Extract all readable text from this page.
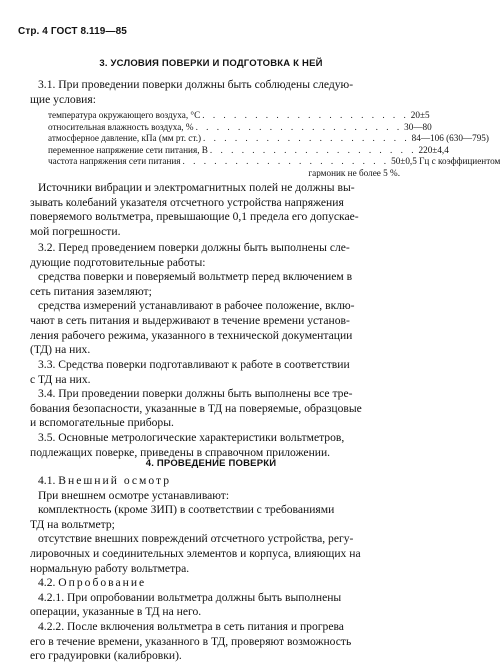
Стр. 4 ГОСТ 8.119—85
3. УСЛОВИЯ ПОВЕРКИ И ПОДГОТОВКА К НЕЙ
3.1. При проведении поверки должны быть соблюдены следую-
щие условия:
температура окружающего воздуха, °С . . . . . . . . . . . . . . . . . . . . 20±5
относительная влажность воздуха, % . . . . . . . . . . . . . . . . . . . . 30—80
атмосферное давление, кПа (мм рт. ст.) . . . . . . . . . . . . . . . . . . . . 84—106 (630—795)
переменное напряжение сети питания, В . . . . . . . . . . . . . . . . . . . . 220±4,4
частота напряжения сети питания . . . . . . . . . . . . . . . . . . . . 50±0,5 Гц с коэффициентом
гармоник не более 5 %.
Источники вибрации и электромагнитных полей не должны вы-
зывать колебаний указателя отсчетного устройства напряжения
поверяемого вольтметра, превышающие 0,1 предела его допускае-
мой погрешности.
3.2. Перед проведением поверки должны быть выполнены сле-
дующие подготовительные работы:
средства поверки и поверяемый вольтметр перед включением в
сеть питания заземляют;
средства измерений устанавливают в рабочее положение, вклю-
чают в сеть питания и выдерживают в течение времени установ-
ления рабочего режима, указанного в технической документации
(ТД) на них.
3.3. Средства поверки подготавливают к работе в соответствии
с ТД на них.
3.4. При проведении поверки должны быть выполнены все тре-
бования безопасности, указанные в ТД на поверяемые, образцовые
и вспомогательные приборы.
3.5. Основные метрологические характеристики вольтметров,
подлежащих поверке, приведены в справочном приложении.
4. ПРОВЕДЕНИЕ ПОВЕРКИ
4.1. Внешний осмотр
При внешнем осмотре устанавливают:
комплектность (кроме ЗИП) в соответствии с требованиями
ТД на вольтметр;
отсутствие внешних повреждений отсчетного устройства, регу-
лировочных и соединительных элементов и корпуса, влияющих на
нормальную работу вольтметра.
4.2. Опробование
4.2.1. При опробовании вольтметра должны быть выполнены
операции, указанные в ТД на него.
4.2.2. После включения вольтметра в сеть питания и прогрева
его в течение времени, указанного в ТД, проверяют возможность
его градуировки (калибровки).
